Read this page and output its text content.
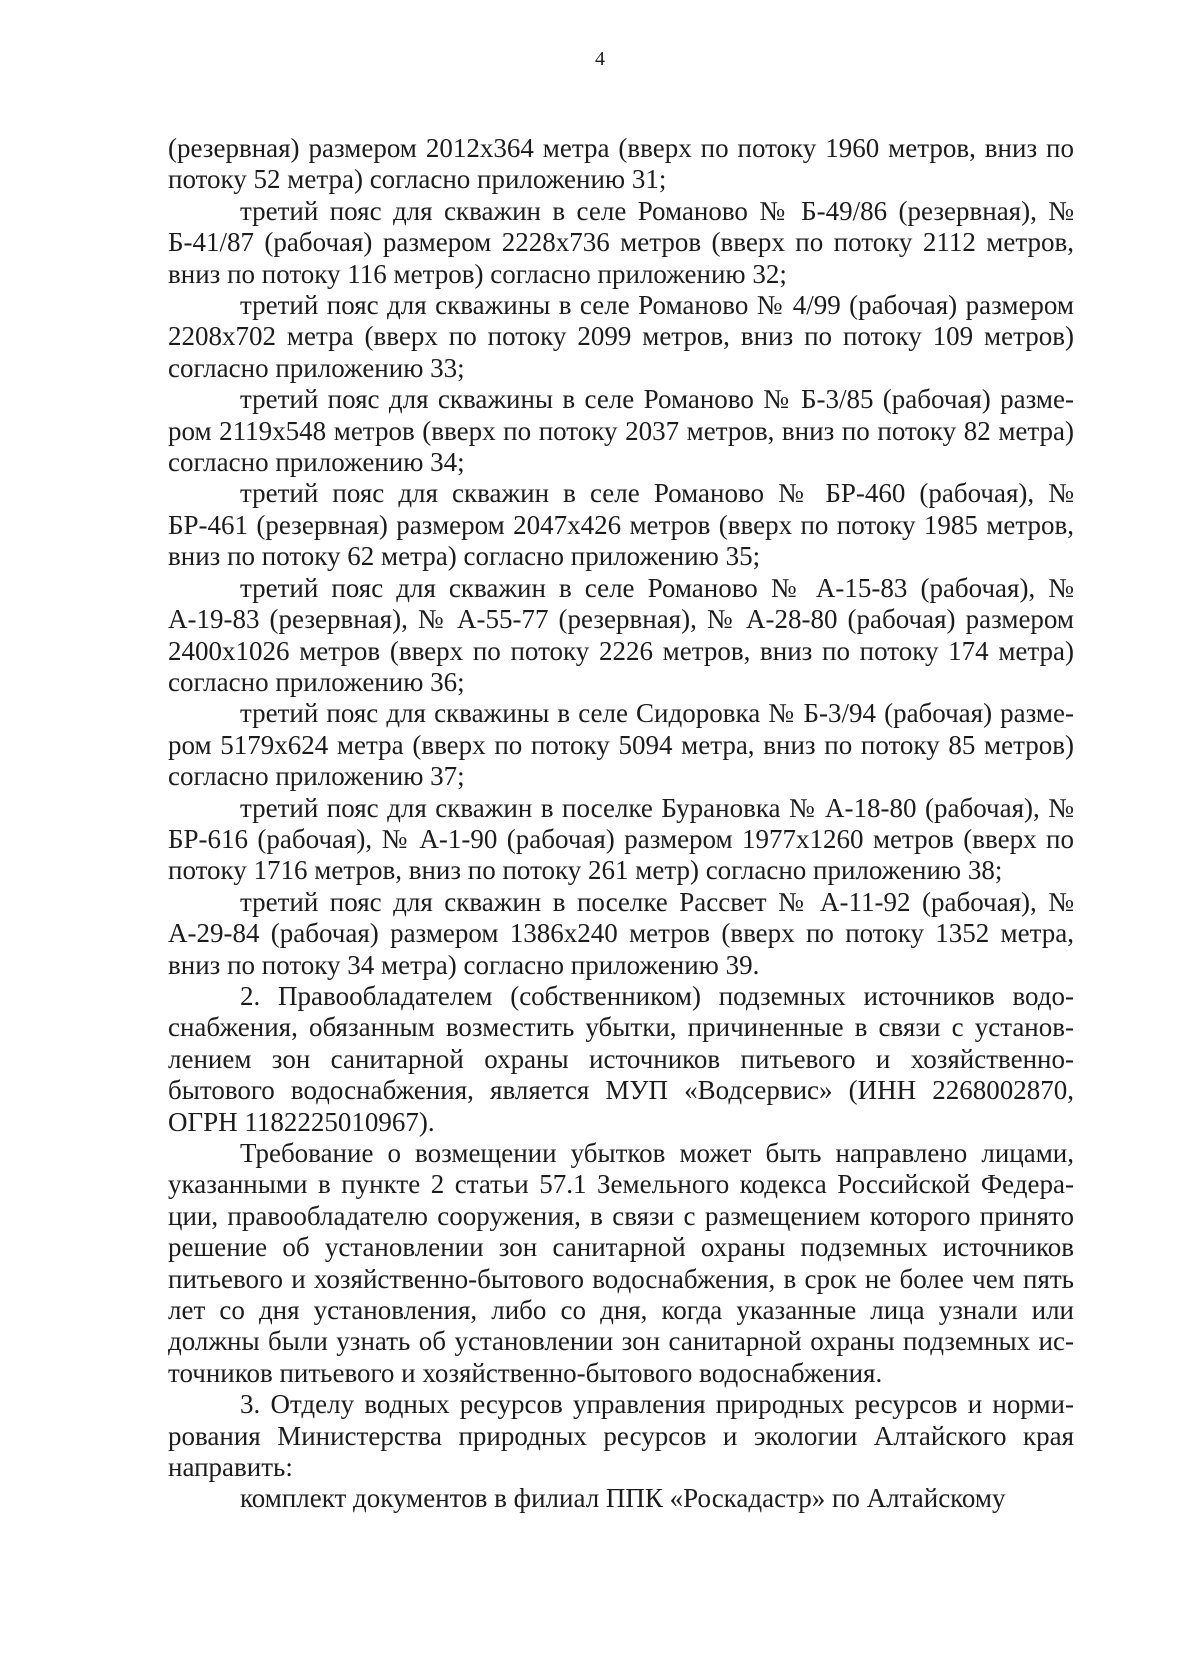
4

(резервная) размером 2012х364 метра (вверх по потоку 1960 метров, вниз по потоку 52 метра) согласно приложению 31;

третий пояс для скважин в селе Романово № Б-49/86 (резервная), № Б-41/87 (рабочая) размером 2228х736 метров (вверх по потоку 2112 метров, вниз по потоку 116 метров) согласно приложению 32;

третий пояс для скважины в селе Романово № 4/99 (рабочая) размером 2208х702 метра (вверх по потоку 2099 метров, вниз по потоку 109 метров) согласно приложению 33;

третий пояс для скважины в селе Романово № Б-3/85 (рабочая) размером 2119х548 метров (вверх по потоку 2037 метров, вниз по потоку 82 метра) согласно приложению 34;

третий пояс для скважин в селе Романово № БР-460 (рабочая), № БР-461 (резервная) размером 2047х426 метров (вверх по потоку 1985 метров, вниз по потоку 62 метра) согласно приложению 35;

третий пояс для скважин в селе Романово № А-15-83 (рабочая), № А-19-83 (резервная), № А-55-77 (резервная), № А-28-80 (рабочая) размером 2400х1026 метров (вверх по потоку 2226 метров, вниз по потоку 174 метра) согласно приложению 36;

третий пояс для скважины в селе Сидоровка № Б-3/94 (рабочая) размером 5179х624 метра (вверх по потоку 5094 метра, вниз по потоку 85 метров) согласно приложению 37;

третий пояс для скважин в поселке Бурановка № А-18-80 (рабочая), № БР-616 (рабочая), № А-1-90 (рабочая) размером 1977х1260 метров (вверх по потоку 1716 метров, вниз по потоку 261 метр) согласно приложению 38;

третий пояс для скважин в поселке Рассвет № А-11-92 (рабочая), № А-29-84 (рабочая) размером 1386х240 метров (вверх по потоку 1352 метра, вниз по потоку 34 метра) согласно приложению 39.

2. Правообладателем (собственником) подземных источников водоснабжения, обязанным возместить убытки, причиненные в связи с установлением зон санитарной охраны источников питьевого и хозяйственно-бытового водоснабжения, является МУП «Водсервис» (ИНН 2268002870, ОГРН 1182225010967).

Требование о возмещении убытков может быть направлено лицами, указанными в пункте 2 статьи 57.1 Земельного кодекса Российской Федерации, правообладателю сооружения, в связи с размещением которого принято решение об установлении зон санитарной охраны подземных источников питьевого и хозяйственно-бытового водоснабжения, в срок не более чем пять лет со дня установления, либо со дня, когда указанные лица узнали или должны были узнать об установлении зон санитарной охраны подземных источников питьевого и хозяйственно-бытового водоснабжения.

3. Отделу водных ресурсов управления природных ресурсов и нормирования Министерства природных ресурсов и экологии Алтайского края направить:

комплект документов в филиал ППК «Роскадастр» по Алтайскому
